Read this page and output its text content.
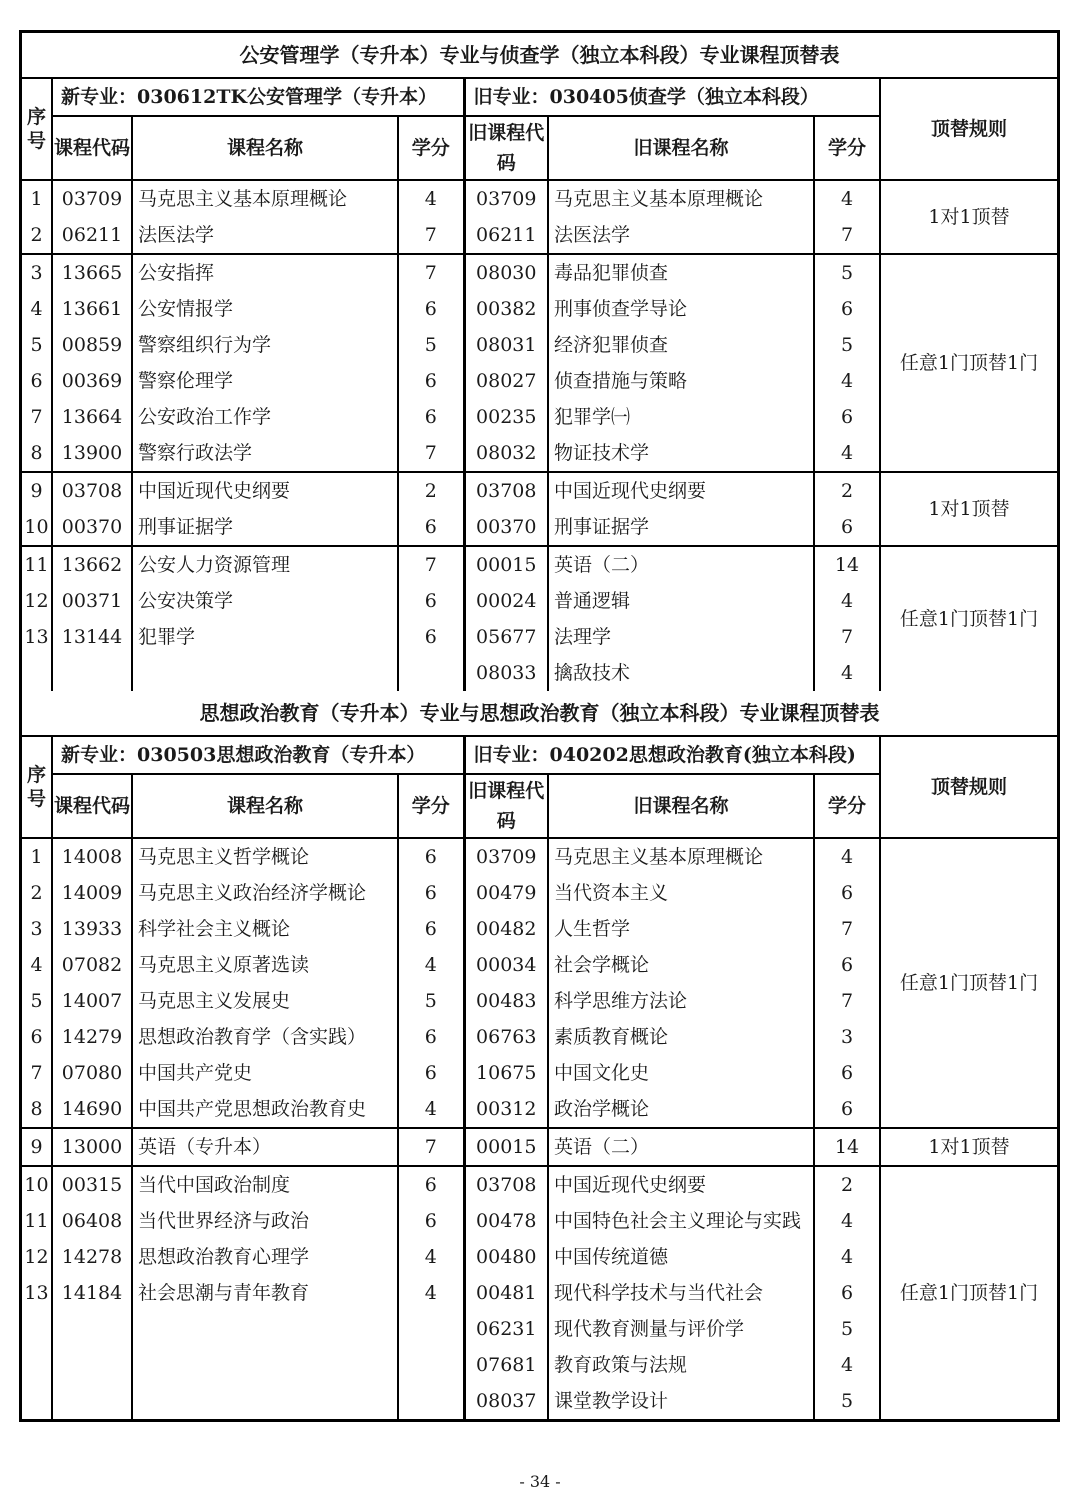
公安管理学（专升本）专业与侦查学（独立本科段）专业课程顶替表
序号	新专业：030612TK公安管理学（专升本）			旧专业：030405侦查学（独立本科段）			顶替规则
	课程代码	课程名称	学分	旧课程代码	旧课程名称	学分	
1	03709	马克思主义基本原理概论	4	03709	马克思主义基本原理概论	4	1对1顶替
2	06211	法医法学	7	06211	法医法学	7	
3	13665	公安指挥	7	08030	毒品犯罪侦查	5	任意1门顶替1门
4	13661	公安情报学	6	00382	刑事侦查学导论	6	
5	00859	警察组织行为学	5	08031	经济犯罪侦查	5	
6	00369	警察伦理学	6	08027	侦查措施与策略	4	
7	13664	公安政治工作学	6	00235	犯罪学㈠	6	
8	13900	警察行政法学	7	08032	物证技术学	4	
9	03708	中国近现代史纲要	2	03708	中国近现代史纲要	2	1对1顶替
10	00370	刑事证据学	6	00370	刑事证据学	6	
11	13662	公安人力资源管理	7	00015	英语（二）	14	任意1门顶替1门
12	00371	公安决策学	6	00024	普通逻辑	4	
13	13144	犯罪学	6	05677	法理学	7	
				08033	擒敌技术	4	
思想政治教育（专升本）专业与思想政治教育（独立本科段）专业课程顶替表
序号	新专业：030503思想政治教育（专升本）			旧专业：040202思想政治教育(独立本科段)			顶替规则
	课程代码	课程名称	学分	旧课程代码	旧课程名称	学分	
1	14008	马克思主义哲学概论	6	03709	马克思主义基本原理概论	4	任意1门顶替1门
2	14009	马克思主义政治经济学概论	6	00479	当代资本主义	6	
3	13933	科学社会主义概论	6	00482	人生哲学	7	
4	07082	马克思主义原著选读	4	00034	社会学概论	6	
5	14007	马克思主义发展史	5	00483	科学思维方法论	7	
6	14279	思想政治教育学（含实践）	6	06763	素质教育概论	3	
7	07080	中国共产党史	6	10675	中国文化史	6	
8	14690	中国共产党思想政治教育史	4	00312	政治学概论	6	
9	13000	英语（专升本）	7	00015	英语（二）	14	1对1顶替
10	00315	当代中国政治制度	6	03708	中国近现代史纲要	2	任意1门顶替1门
11	06408	当代世界经济与政治	6	00478	中国特色社会主义理论与实践	4	
12	14278	思想政治教育心理学	4	00480	中国传统道德	4	
13	14184	社会思潮与青年教育	4	00481	现代科学技术与当代社会	6	
				06231	现代教育测量与评价学	5	
				07681	教育政策与法规	4	
				08037	课堂教学设计	5	
- 34 -
